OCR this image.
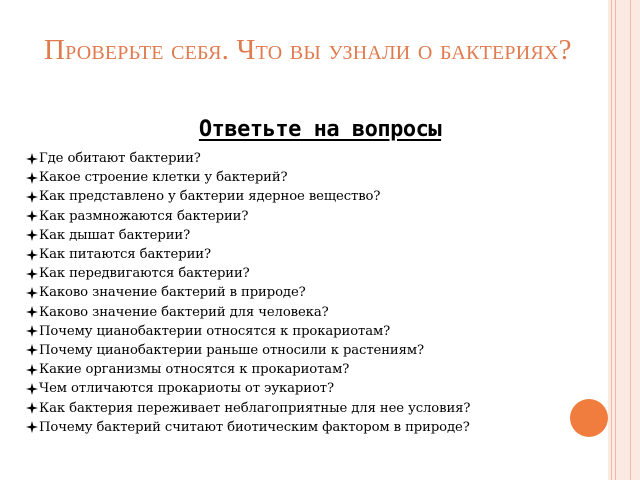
Проверьте себя. Что вы узнали о бактериях?
Ответьте на вопросы
Где обитают бактерии?
Какое строение клетки у бактерий?
Как представлено у бактерии ядерное вещество?
Как размножаются бактерии?
Как дышат бактерии?
Как питаются бактерии?
Как передвигаются бактерии?
Каково значение бактерий в природе?
Каково значение бактерий для человека?
Почему цианобактерии относятся к прокариотам?
Почему цианобактерии раньше относили к растениям?
Какие организмы относятся к прокариотам?
Чем отличаются прокариоты от эукариот?
Как бактерия переживает неблагоприятные для нее условия?
Почему бактерий считают биотическим фактором в природе?
